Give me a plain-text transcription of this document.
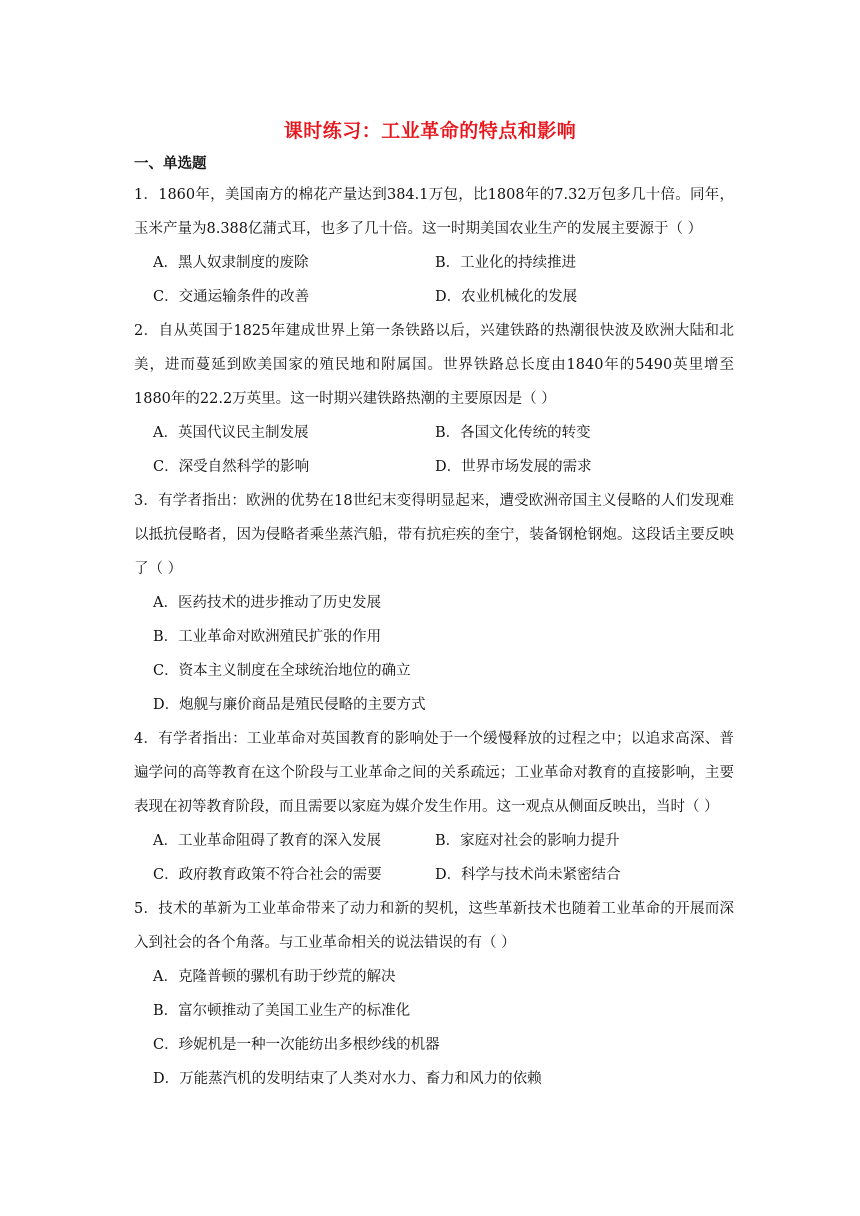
课时练习：工业革命的特点和影响
一、单选题
1．1860年，美国南方的棉花产量达到384.1万包，比1808年的7.32万包多几十倍。同年，玉米产量为8.388亿蒲式耳，也多了几十倍。这一时期美国农业生产的发展主要源于（ ）
A．黑人奴隶制度的废除	B．工业化的持续推进
C．交通运输条件的改善	D．农业机械化的发展
2．自从英国于1825年建成世界上第一条铁路以后，兴建铁路的热潮很快波及欧洲大陆和北美，进而蔓延到欧美国家的殖民地和附属国。世界铁路总长度由1840年的5490英里增至1880年的22.2万英里。这一时期兴建铁路热潮的主要原因是（ ）
A．英国代议民主制发展	B．各国文化传统的转变
C．深受自然科学的影响	D．世界市场发展的需求
3．有学者指出：欧洲的优势在18世纪末变得明显起来，遭受欧洲帝国主义侵略的人们发现难以抵抗侵略者，因为侵略者乘坐蒸汽船，带有抗疟疾的奎宁，装备钢枪钢炮。这段话主要反映了（ ）
A．医药技术的进步推动了历史发展
B．工业革命对欧洲殖民扩张的作用
C．资本主义制度在全球统治地位的确立
D．炮舰与廉价商品是殖民侵略的主要方式
4．有学者指出：工业革命对英国教育的影响处于一个缓慢释放的过程之中；以追求高深、普遍学问的高等教育在这个阶段与工业革命之间的关系疏远；工业革命对教育的直接影响，主要表现在初等教育阶段，而且需要以家庭为媒介发生作用。这一观点从侧面反映出，当时（ ）
A．工业革命阻碍了教育的深入发展	B．家庭对社会的影响力提升
C．政府教育政策不符合社会的需要	D．科学与技术尚未紧密结合
5．技术的革新为工业革命带来了动力和新的契机，这些革新技术也随着工业革命的开展而深入到社会的各个角落。与工业革命相关的说法错误的有（ ）
A．克隆普顿的骡机有助于纱荒的解决
B．富尔顿推动了美国工业生产的标准化
C．珍妮机是一种一次能纺出多根纱线的机器
D．万能蒸汽机的发明结束了人类对水力、畜力和风力的依赖
